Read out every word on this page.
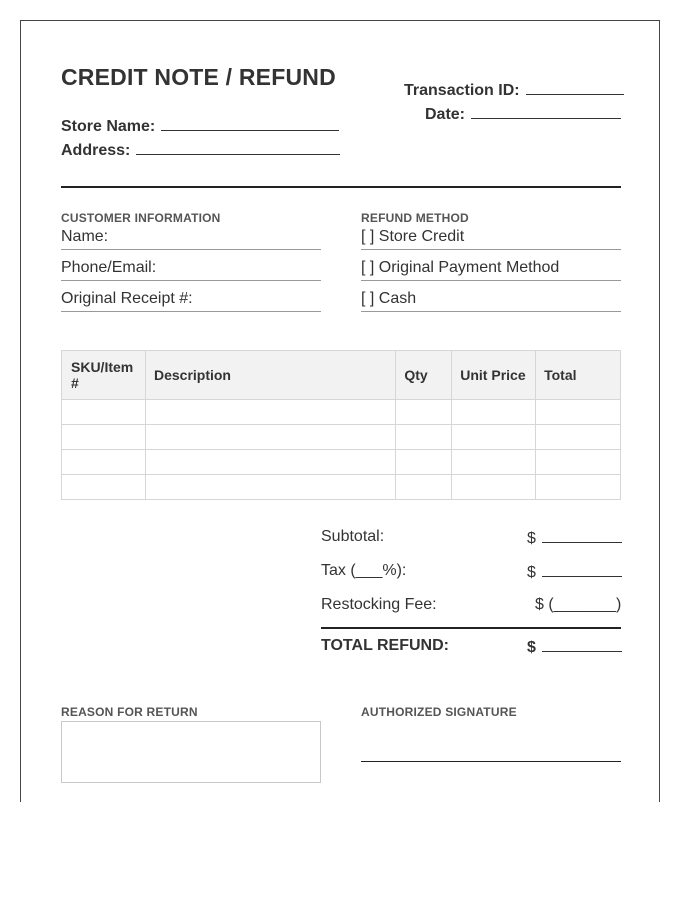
CREDIT NOTE / REFUND
Store Name:
Address:
Transaction ID:
Date:
CUSTOMER INFORMATION
Name:
Phone/Email:
Original Receipt #:
REFUND METHOD
[ ] Store Credit
[ ] Original Payment Method
[ ] Cash
SKU/Item #	Description	Qty	Unit Price	Total

Subtotal:	$
Tax (___%):	$
Restocking Fee:	$ (_______)
TOTAL REFUND:	$
REASON FOR RETURN	AUTHORIZED SIGNATURE
